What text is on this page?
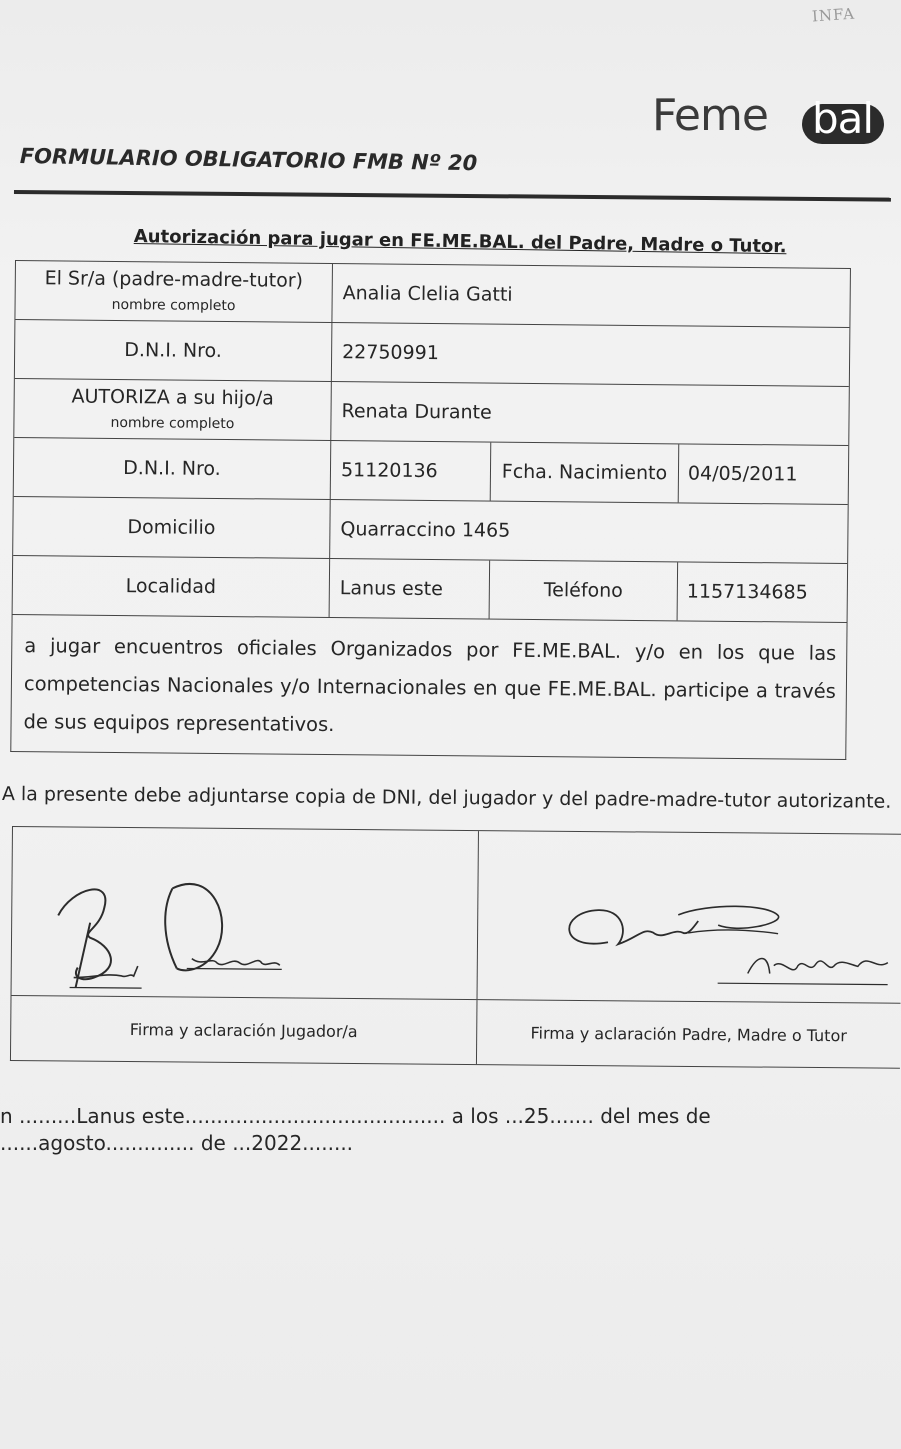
INFA
Feme bal
FORMULARIO OBLIGATORIO FMB Nº 20
Autorización para jugar en FE.ME.BAL. del Padre, Madre o Tutor.
El Sr/a (padre-madre-tutor)
nombre completo	Analia Clelia Gatti
D.N.I. Nro.	22750991
AUTORIZA a su hijo/a
nombre completo	Renata Durante
D.N.I. Nro.	51120136	Fcha. Nacimiento	04/05/2011
Domicilio	Quarraccino 1465
Localidad	Lanus este	Teléfono	1157134685
a jugar encuentros oficiales Organizados por FE.ME.BAL. y/o en los que las competencias Nacionales y/o Internacionales en que FE.ME.BAL. participe a través de sus equipos representativos.
A la presente debe adjuntarse copia de DNI, del jugador y del padre-madre-tutor autorizante.
Firma y aclaración Jugador/a	Firma y aclaración Padre, Madre o Tutor
n .........Lanus este......................................... a los ...25....... del mes de
......agosto.............. de ...2022........
